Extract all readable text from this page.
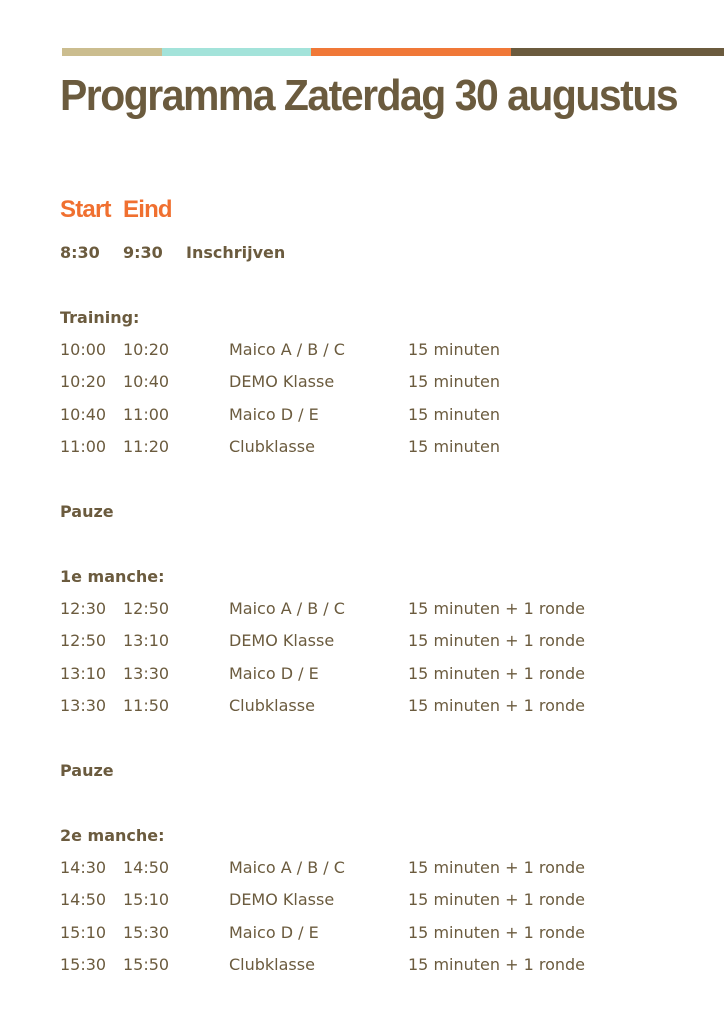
Programma Zaterdag 30 augustus
Start Eind
8:30 9:30 Inschrijven
Training:
10:00 10:20	Maico A / B / C	15 minuten
10:20 10:40	DEMO Klasse	15 minuten
10:40 11:00	Maico D / E	15 minuten
11:00 11:20	Clubklasse	15 minuten
Pauze
1e manche:
12:30 12:50	Maico A / B / C	15 minuten + 1 ronde
12:50 13:10	DEMO Klasse	15 minuten + 1 ronde
13:10 13:30	Maico D / E	15 minuten + 1 ronde
13:30 11:50	Clubklasse	15 minuten + 1 ronde
Pauze
2e manche:
14:30 14:50	Maico A / B / C	15 minuten + 1 ronde
14:50 15:10	DEMO Klasse	15 minuten + 1 ronde
15:10 15:30	Maico D / E	15 minuten + 1 ronde
15:30 15:50	Clubklasse	15 minuten + 1 ronde
